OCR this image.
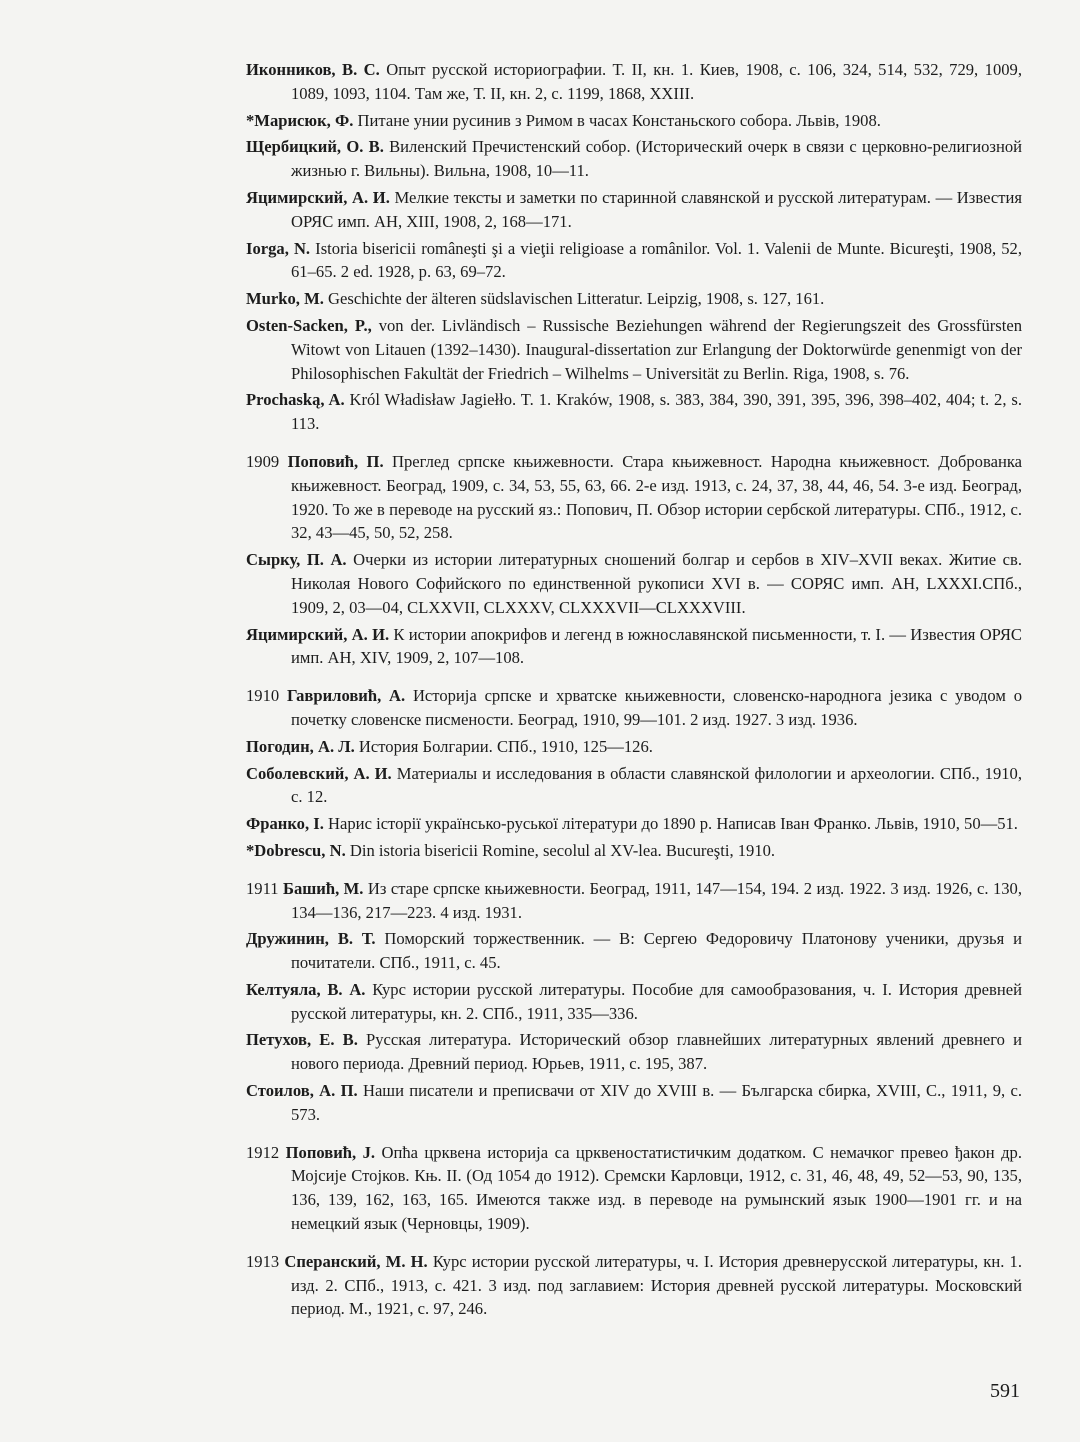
Иконников, В. С. Опыт русской историографии. Т. II, кн. 1. Киев, 1908, с. 106, 324, 514, 532, 729, 1009, 1089, 1093, 1104. Там же, Т. II, кн. 2, с. 1199, 1868, XXIII.

*Марисюк, Ф. Питане унии русинив з Римом в часах Констаньского собора. Львів, 1908.

Щербицкий, О. В. Виленский Пречистенский собор. (Исторический очерк в связи с церковно-религиозной жизнью г. Вильны). Вильна, 1908, 10—11.

Яцимирский, А. И. Мелкие тексты и заметки по старинной славянской и русской литературам. — Известия ОРЯС имп. АН, XIII, 1908, 2, 168—171.

Iorga, N. Istoria bisericii româneşti şi a vieţii religioase a românilor. Vol. 1. Valenii de Munte. Bicureşti, 1908, 52, 61–65. 2 ed. 1928, p. 63, 69–72.

Murko, M. Geschichte der älteren südslavischen Litteratur. Leipzig, 1908, s. 127, 161.

Osten-Sacken, P., von der. Livländisch – Russische Beziehungen während der Regierungszeit des Grossfürsten Witowt von Litauen (1392–1430). Inaugural-dissertation zur Erlangung der Doktorwürde genenmigt von der Philosophischen Fakultät der Friedrich – Wilhelms – Universität zu Berlin. Riga, 1908, s. 76.

Prochaską, A. Król Władisław Jagiełło. T. 1. Kraków, 1908, s. 383, 384, 390, 391, 395, 396, 398–402, 404; t. 2, s. 113.

1909 Поповић, П. Преглед српске књижевности. Стара књижевност. Народна књижевност. Доброванка књижевност. Београд, 1909, с. 34, 53, 55, 63, 66. 2-е изд. 1913, с. 24, 37, 38, 44, 46, 54. 3-е изд. Београд, 1920. То же в переводе на русский яз.: Попович, П. Обзор истории сербской литературы. СПб., 1912, с. 32, 43—45, 50, 52, 258.

Сырку, П. А. Очерки из истории литературных сношений болгар и сербов в XIV–XVII веках. Житие св. Николая Нового Софийского по единственной рукописи XVI в. — СОРЯС имп. АН, LXXXI.СПб., 1909, 2, 03—04, CLXXVII, CLXXXV, CLXXXVII—CLXXXVIII.

Яцимирский, А. И. К истории апокрифов и легенд в южнославянской письменности, т. I. — Известия ОРЯС имп. АН, XIV, 1909, 2, 107—108.

1910 Гавриловић, А. Историја српске и хрватске књижевности, словенско-народнога језика с уводом о почетку словенске писмености. Београд, 1910, 99—101. 2 изд. 1927. 3 изд. 1936.

Погодин, А. Л. История Болгарии. СПб., 1910, 125—126.

Соболевский, А. И. Материалы и исследования в области славянской филологии и археологии. СПб., 1910, с. 12.

Франко, І. Нарис історії українсько-руської літератури до 1890 р. Написав Іван Франко. Львів, 1910, 50—51.

*Dobrescu, N. Din istoria bisericii Romine, secolul al XV-lea. Bucureşti, 1910.

1911 Башић, М. Из старе српске књижевности. Београд, 1911, 147—154, 194. 2 изд. 1922. 3 изд. 1926, с. 130, 134—136, 217—223. 4 изд. 1931.

Дружинин, В. Т. Поморский торжественник. — В: Сергею Федоровичу Платонову ученики, друзья и почитатели. СПб., 1911, с. 45.

Келтуяла, В. А. Курс истории русской литературы. Пособие для самообразования, ч. I. История древней русской литературы, кн. 2. СПб., 1911, 335—336.

Петухов, Е. В. Русская литература. Исторический обзор главнейших литературных явлений древнего и нового периода. Древний период. Юрьев, 1911, с. 195, 387.

Стоилов, А. П. Наши писатели и преписвачи от XIV до XVIII в. — Българска сбирка, XVIII, С., 1911, 9, с. 573.

1912 Поповић, J. Опћа црквена историја са црквеностатистичким додатком. С немачког превео ђакон др. Мојсије Стојков. Књ. II. (Од 1054 до 1912). Сремски Карловци, 1912, с. 31, 46, 48, 49, 52—53, 90, 135, 136, 139, 162, 163, 165. Имеются также изд. в переводе на румынский язык 1900—1901 гг. и на немецкий язык (Черновцы, 1909).

1913 Сперанский, М. Н. Курс истории русской литературы, ч. I. История древнерусской литературы, кн. 1. изд. 2. СПб., 1913, с. 421. 3 изд. под заглавием: История древней русской литературы. Московский период. М., 1921, с. 97, 246.

591
